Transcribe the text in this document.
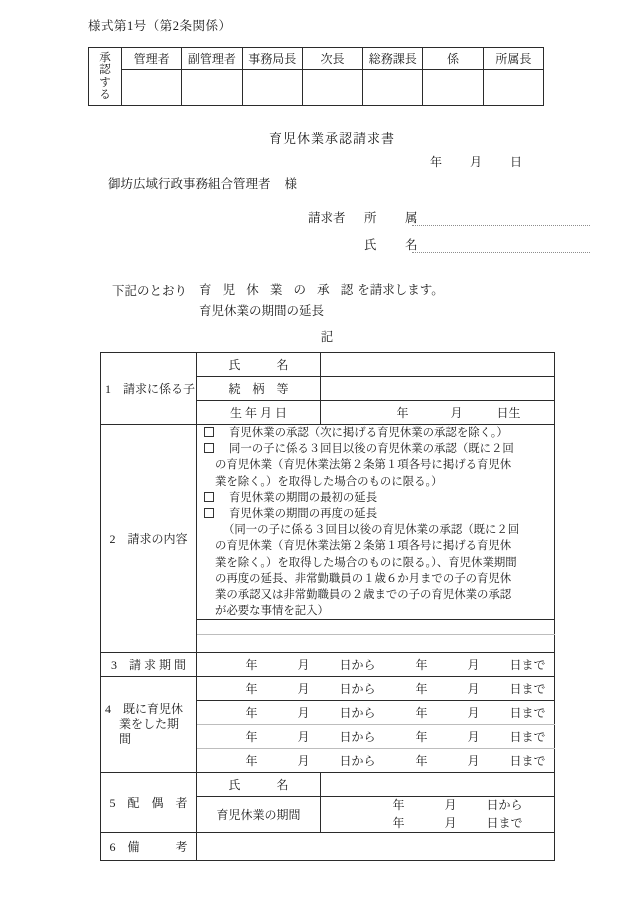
様式第1号（第2条関係）
承
認
す
る	管理者	副管理者	事務局長	次長	総務課長	係	所属長

育児休業承認請求書
年 月 日
御坊広域行政事務組合管理者 様
請求者	所　属
氏　名
下記のとおり 育 児 休 業 の 承 認を請求します。
育児休業の期間の延長
記
1　請求に係る子	氏　　　名	
	続　柄　等	
	生 年 月 日	年 月 日生
2　請求の内容	
育児休業の承認（次に掲げる育児休業の承認を除く。）
同一の子に係る３回目以後の育児休業の承認（既に２回
の育児休業（育児休業法第２条第１項各号に掲げる育児休
業を除く。）を取得した場合のものに限る。）
育児休業の期間の最初の延長
育児休業の期間の再度の延長
（同一の子に係る３回目以後の育児休業の承認（既に２回
の育児休業（育児休業法第２条第１項各号に掲げる育児休
業を除く。）を取得した場合のものに限る。）、育児休業期間
の再度の延長、非常勤職員の１歳６か月までの子の育児休
業の承認又は非常勤職員の２歳までの子の育児休業の承認
が必要な事情を記入）

3　請 求 期 間	年 月 日から 年 月 日まで	
4　既に育児休
業をした期
間	年 月 日から 年 月 日まで	
	年 月 日から 年 月 日まで	
	年 月 日から 年 月 日まで	
	年 月 日から 年 月 日まで	
5　配　偶　者	氏　　　名	
	育児休業の期間	年 月 日から
年 月 日まで

6　備　　　考		
